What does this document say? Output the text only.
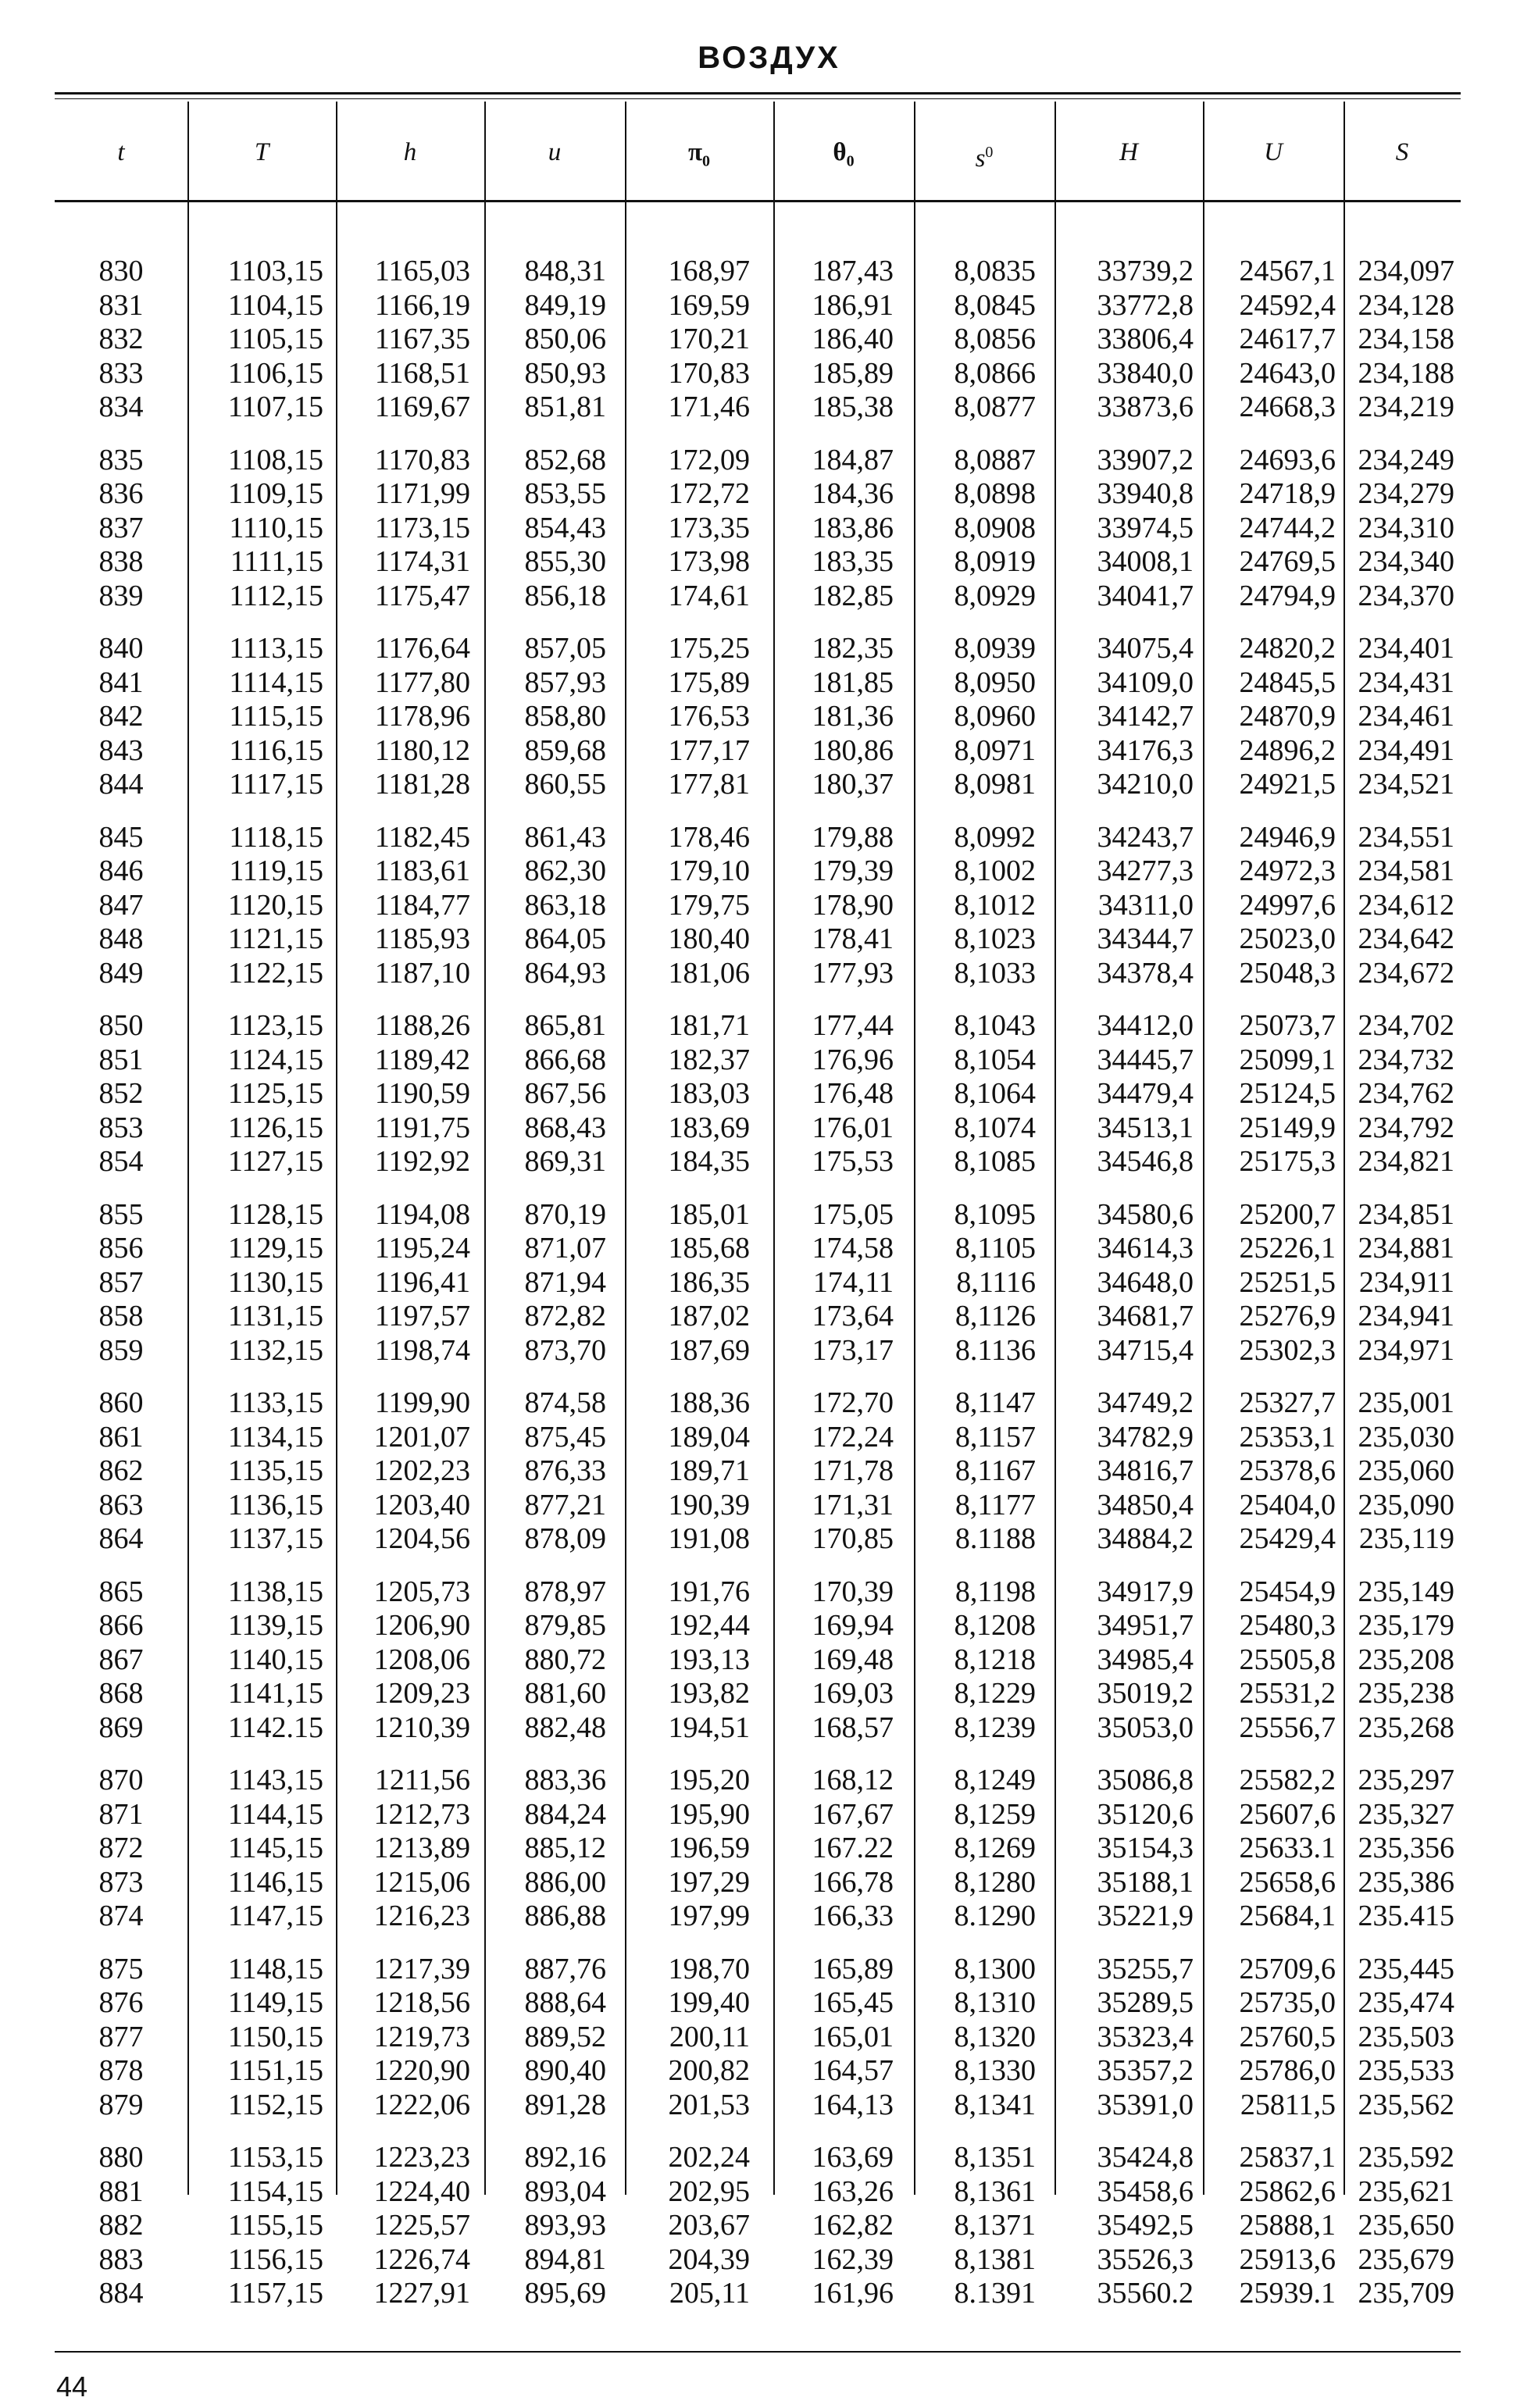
ВОЗДУХ
t	T	h	u	$\pi_0$	$\theta_0$	$s^0$	H	U	S
830	1103,15	1165,03	848,31	168,97	187,43	8,0835	33739,2	24567,1	234,097
831	1104,15	1166,19	849,19	169,59	186,91	8,0845	33772,8	24592,4	234,128
832	1105,15	1167,35	850,06	170,21	186,40	8,0856	33806,4	24617,7	234,158
833	1106,15	1168,51	850,93	170,83	185,89	8,0866	33840,0	24643,0	234,188
834	1107,15	1169,67	851,81	171,46	185,38	8,0877	33873,6	24668,3	234,219

835	1108,15	1170,83	852,68	172,09	184,87	8,0887	33907,2	24693,6	234,249
836	1109,15	1171,99	853,55	172,72	184,36	8,0898	33940,8	24718,9	234,279
837	1110,15	1173,15	854,43	173,35	183,86	8,0908	33974,5	24744,2	234,310
838	1111,15	1174,31	855,30	173,98	183,35	8,0919	34008,1	24769,5	234,340
839	1112,15	1175,47	856,18	174,61	182,85	8,0929	34041,7	24794,9	234,370

840	1113,15	1176,64	857,05	175,25	182,35	8,0939	34075,4	24820,2	234,401
841	1114,15	1177,80	857,93	175,89	181,85	8,0950	34109,0	24845,5	234,431
842	1115,15	1178,96	858,80	176,53	181,36	8,0960	34142,7	24870,9	234,461
843	1116,15	1180,12	859,68	177,17	180,86	8,0971	34176,3	24896,2	234,491
844	1117,15	1181,28	860,55	177,81	180,37	8,0981	34210,0	24921,5	234,521

845	1118,15	1182,45	861,43	178,46	179,88	8,0992	34243,7	24946,9	234,551
846	1119,15	1183,61	862,30	179,10	179,39	8,1002	34277,3	24972,3	234,581
847	1120,15	1184,77	863,18	179,75	178,90	8,1012	34311,0	24997,6	234,612
848	1121,15	1185,93	864,05	180,40	178,41	8,1023	34344,7	25023,0	234,642
849	1122,15	1187,10	864,93	181,06	177,93	8,1033	34378,4	25048,3	234,672

850	1123,15	1188,26	865,81	181,71	177,44	8,1043	34412,0	25073,7	234,702
851	1124,15	1189,42	866,68	182,37	176,96	8,1054	34445,7	25099,1	234,732
852	1125,15	1190,59	867,56	183,03	176,48	8,1064	34479,4	25124,5	234,762
853	1126,15	1191,75	868,43	183,69	176,01	8,1074	34513,1	25149,9	234,792
854	1127,15	1192,92	869,31	184,35	175,53	8,1085	34546,8	25175,3	234,821

855	1128,15	1194,08	870,19	185,01	175,05	8,1095	34580,6	25200,7	234,851
856	1129,15	1195,24	871,07	185,68	174,58	8,1105	34614,3	25226,1	234,881
857	1130,15	1196,41	871,94	186,35	174,11	8,1116	34648,0	25251,5	234,911
858	1131,15	1197,57	872,82	187,02	173,64	8,1126	34681,7	25276,9	234,941
859	1132,15	1198,74	873,70	187,69	173,17	8.1136	34715,4	25302,3	234,971

860	1133,15	1199,90	874,58	188,36	172,70	8,1147	34749,2	25327,7	235,001
861	1134,15	1201,07	875,45	189,04	172,24	8,1157	34782,9	25353,1	235,030
862	1135,15	1202,23	876,33	189,71	171,78	8,1167	34816,7	25378,6	235,060
863	1136,15	1203,40	877,21	190,39	171,31	8,1177	34850,4	25404,0	235,090
864	1137,15	1204,56	878,09	191,08	170,85	8.1188	34884,2	25429,4	235,119

865	1138,15	1205,73	878,97	191,76	170,39	8,1198	34917,9	25454,9	235,149
866	1139,15	1206,90	879,85	192,44	169,94	8,1208	34951,7	25480,3	235,179
867	1140,15	1208,06	880,72	193,13	169,48	8,1218	34985,4	25505,8	235,208
868	1141,15	1209,23	881,60	193,82	169,03	8,1229	35019,2	25531,2	235,238
869	1142.15	1210,39	882,48	194,51	168,57	8,1239	35053,0	25556,7	235,268

870	1143,15	1211,56	883,36	195,20	168,12	8,1249	35086,8	25582,2	235,297
871	1144,15	1212,73	884,24	195,90	167,67	8,1259	35120,6	25607,6	235,327
872	1145,15	1213,89	885,12	196,59	167.22	8,1269	35154,3	25633.1	235,356
873	1146,15	1215,06	886,00	197,29	166,78	8,1280	35188,1	25658,6	235,386
874	1147,15	1216,23	886,88	197,99	166,33	8.1290	35221,9	25684,1	235.415

875	1148,15	1217,39	887,76	198,70	165,89	8,1300	35255,7	25709,6	235,445
876	1149,15	1218,56	888,64	199,40	165,45	8,1310	35289,5	25735,0	235,474
877	1150,15	1219,73	889,52	200,11	165,01	8,1320	35323,4	25760,5	235,503
878	1151,15	1220,90	890,40	200,82	164,57	8,1330	35357,2	25786,0	235,533
879	1152,15	1222,06	891,28	201,53	164,13	8,1341	35391,0	25811,5	235,562

880	1153,15	1223,23	892,16	202,24	163,69	8,1351	35424,8	25837,1	235,592
881	1154,15	1224,40	893,04	202,95	163,26	8,1361	35458,6	25862,6	235,621
882	1155,15	1225,57	893,93	203,67	162,82	8,1371	35492,5	25888,1	235,650
883	1156,15	1226,74	894,81	204,39	162,39	8,1381	35526,3	25913,6	235,679
884	1157,15	1227,91	895,69	205,11	161,96	8.1391	35560.2	25939.1	235,709
44
